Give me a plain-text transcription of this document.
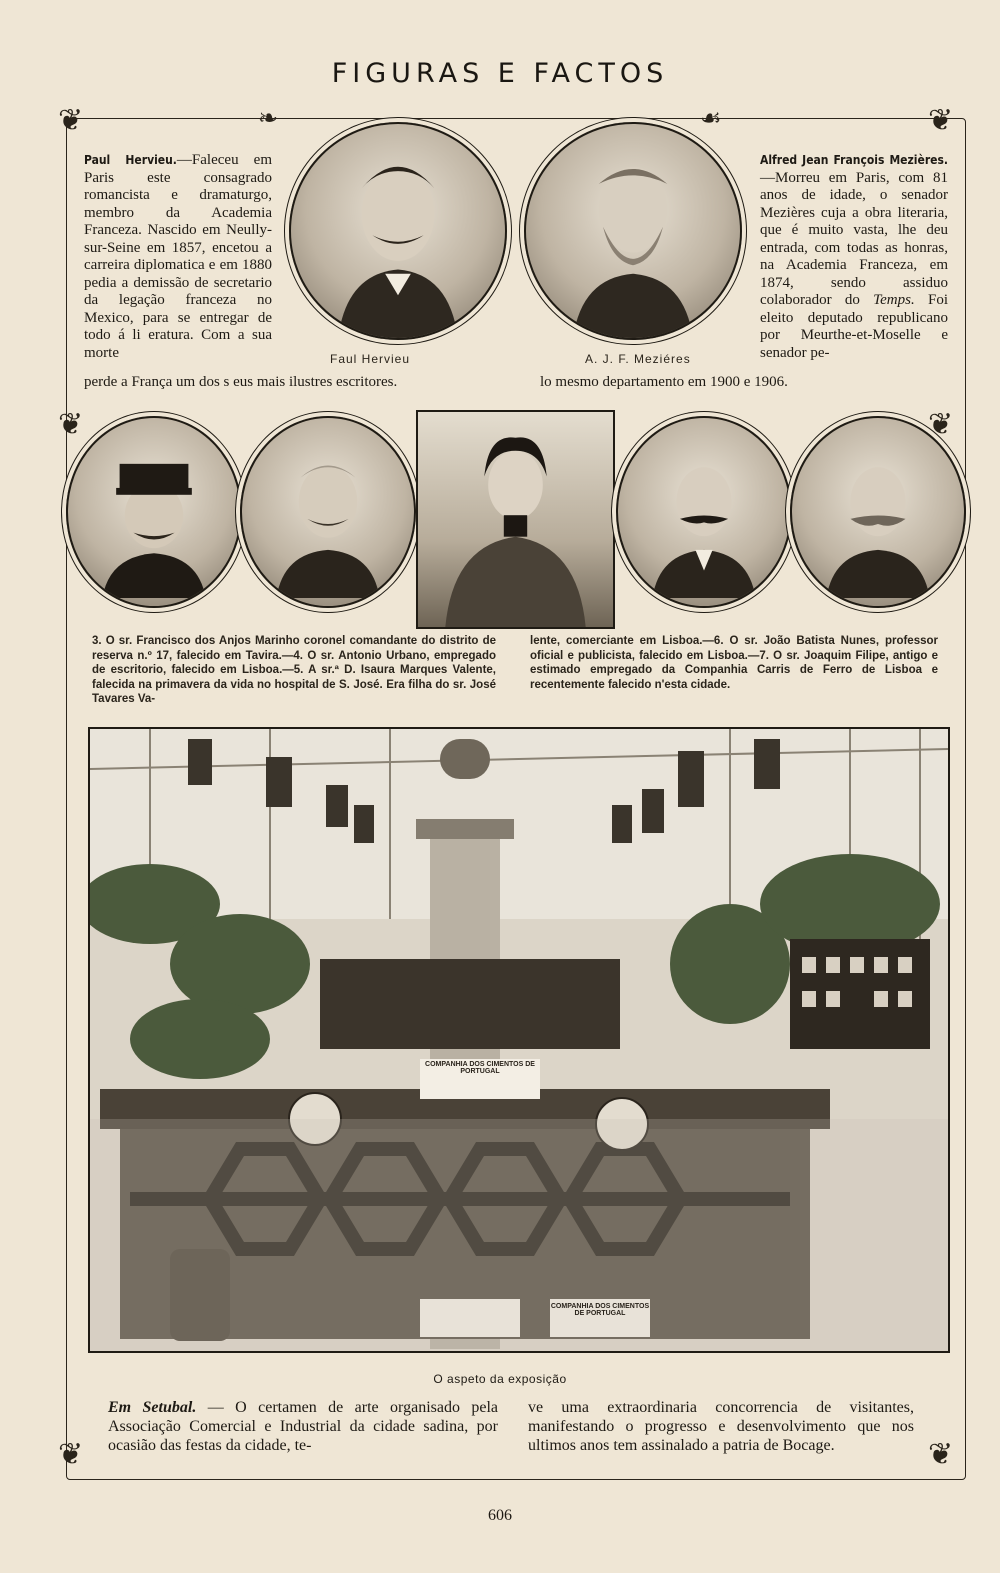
FIGURAS E FACTOS
❦	❦
❧	☙
❦	❦
❦	❦
Paul Hervieu.—Faleceu em Paris este consagrado romancista e dramaturgo, membro da Academia Franceza. Nascido em Neully-sur-Seine em 1857, encetou a carreira diplomatica e em 1880 pedia a demissão de secretario da legação franceza no Mexico, para se entregar de todo á li eratura. Com a sua morte
perde a França um dos s eus mais ilustres escritores.
Alfred Jean François Mezières.—Morreu em Paris, com 81 anos de idade, o senador Mezières cuja a obra literaria, que é muito vasta, lhe deu entrada, com todas as honras, na Academia Franceza, em 1874, sendo assiduo colaborador do Temps. Foi eleito deputado republicano por Meurthe-et-Moselle e senador pe-
lo mesmo departamento em 1900 e 1906.
Faul Hervieu	A. J. F. Meziéres
3. O sr. Francisco dos Anjos Marinho coronel comandante do distrito de reserva n.º 17, falecido em Tavira.—4. O sr. Antonio Urbano, empregado de escritorio, falecido em Lisboa.—5. A sr.ª D. Isaura Marques Valente, falecida na primavera da vida no hospital de S. José. Era filha do sr. José Tavares Va-
lente, comerciante em Lisboa.—6. O sr. João Batista Nunes, professor oficial e publicista, falecido em Lisboa.—7. O sr. Joaquim Filipe, antigo e estimado empregado da Companhia Carris de Ferro de Lisboa e recentemente falecido n'esta cidade.
COMPANHIA DOS CIMENTOS DE PORTUGAL
COMPANHIA DOS CIMENTOS DE PORTUGAL
O aspeto da exposição
Em Setubal. — O certamen de arte organisado pela Associação Comercial e Industrial da cidade sadina, por ocasião das festas da cidade, te-
ve uma extraordinaria concorrencia de visitantes, manifestando o progresso e desenvolvimento que nos ultimos anos tem assinalado a patria de Bocage.
606
